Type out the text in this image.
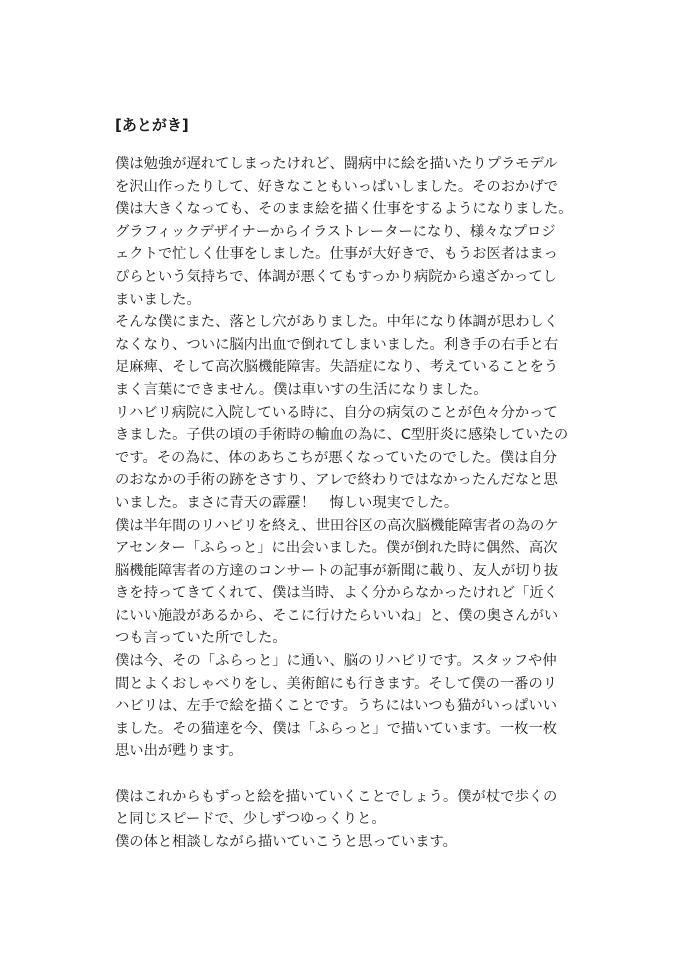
[あとがき]
僕は勉強が遅れてしまったけれど、闘病中に絵を描いたりプラモデル
を沢山作ったりして、好きなこともいっぱいしました。そのおかげで
僕は大きくなっても、そのまま絵を描く仕事をするようになりました。
グラフィックデザイナーからイラストレーターになり、様々なプロジ
ェクトで忙しく仕事をしました。仕事が大好きで、もうお医者はまっ
ぴらという気持ちで、体調が悪くてもすっかり病院から遠ざかってし
まいました。
そんな僕にまた、落とし穴がありました。中年になり体調が思わしく
なくなり、ついに脳内出血で倒れてしまいました。利き手の右手と右
足麻痺、そして高次脳機能障害。失語症になり、考えていることをう
まく言葉にできません。僕は車いすの生活になりました。
リハビリ病院に入院している時に、自分の病気のことが色々分かって
きました。子供の頃の手術時の輸血の為に、C型肝炎に感染していたの
です。その為に、体のあちこちが悪くなっていたのでした。僕は自分
のおなかの手術の跡をさすり、アレで終わりではなかったんだなと思
いました。まさに青天の霹靂！　悔しい現実でした。
僕は半年間のリハビリを終え、世田谷区の高次脳機能障害者の為のケ
アセンター「ふらっと」に出会いました。僕が倒れた時に偶然、高次
脳機能障害者の方達のコンサートの記事が新聞に載り、友人が切り抜
きを持ってきてくれて、僕は当時、よく分からなかったけれど「近く
にいい施設があるから、そこに行けたらいいね」と、僕の奥さんがい
つも言っていた所でした。
僕は今、その「ふらっと」に通い、脳のリハビリです。スタッフや仲
間とよくおしゃべりをし、美術館にも行きます。そして僕の一番のリ
ハビリは、左手で絵を描くことです。うちにはいつも猫がいっぱいい
ました。その猫達を今、僕は「ふらっと」で描いています。一枚一枚
思い出が甦ります。
僕はこれからもずっと絵を描いていくことでしょう。僕が杖で歩くの
と同じスピードで、少しずつゆっくりと。
僕の体と相談しながら描いていこうと思っています。
